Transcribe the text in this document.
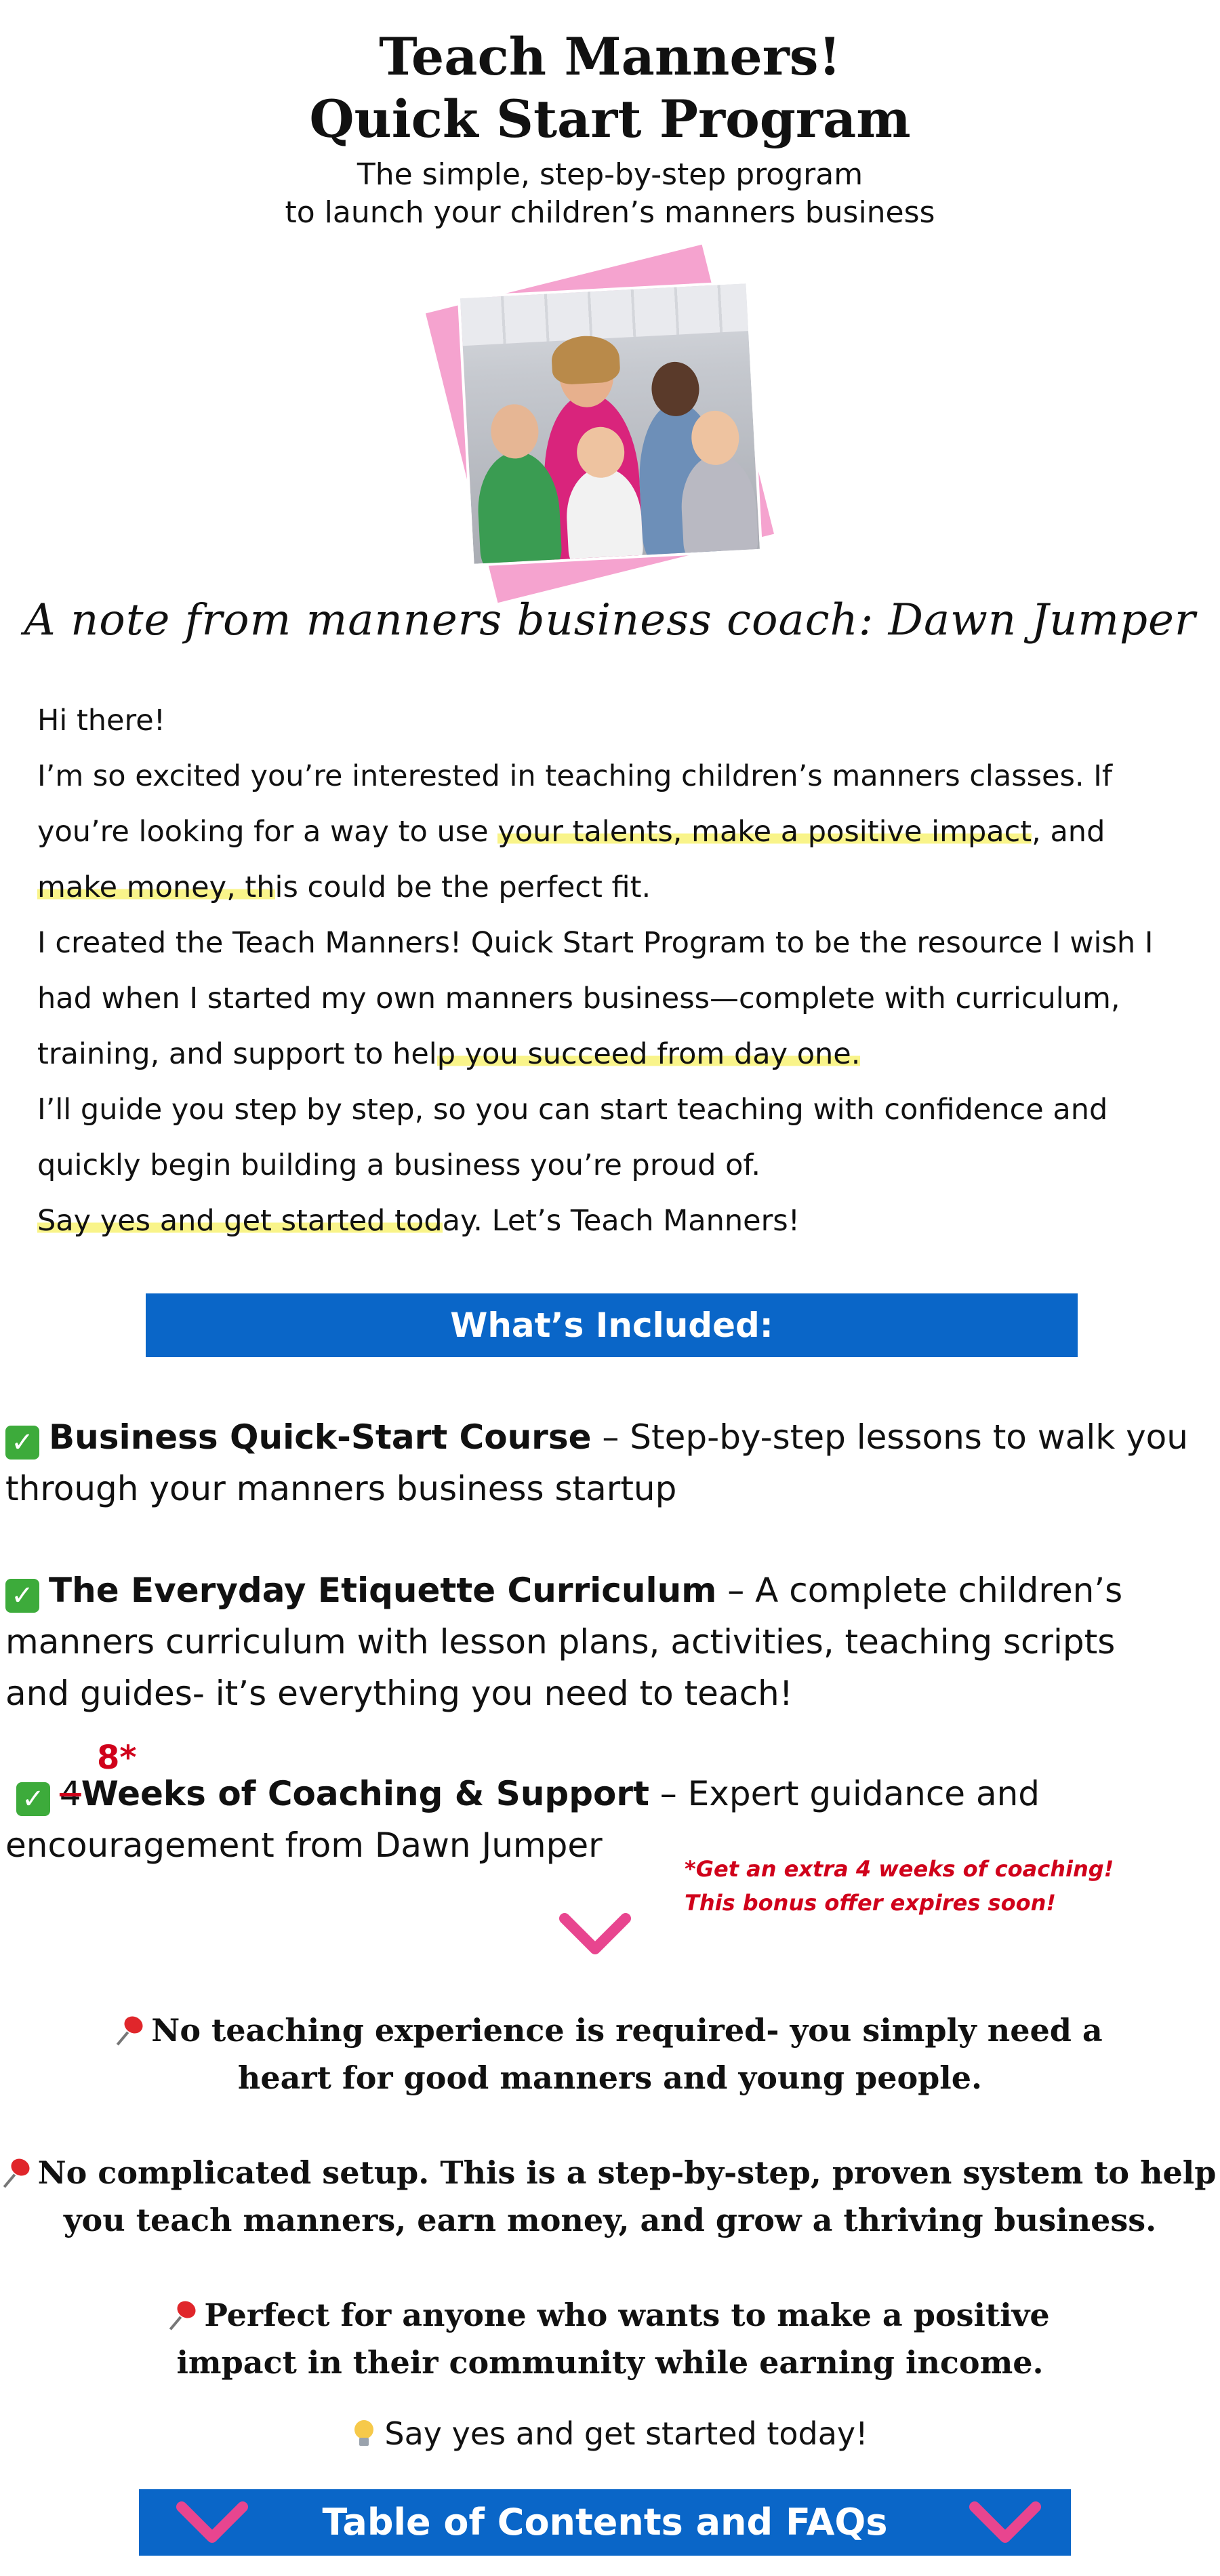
Teach Manners!
Quick Start Program
The simple, step-by-step program
to launch your children’s manners business
A note from manners business coach: Dawn Jumper

Hi there!

I’m so excited you’re interested in teaching children’s manners classes. If

you’re looking for a way to use your talents, make a positive impact, and

make money, this could be the perfect fit.

I created the Teach Manners! Quick Start Program to be the resource I wish I

had when I started my own manners business—complete with curriculum,

training, and support to help you succeed from day one.

I’ll guide you step by step, so you can start teaching with confidence and

quickly begin building a business you’re proud of.

Say yes and get started today. Let’s Teach Manners!

What’s Included:
✓ Business Quick-Start Course – Step-by-step lessons to walk you
through your manners business startup
✓ The Everyday Etiquette Curriculum – A complete children’s
manners curriculum with lesson plans, activities, teaching scripts
and guides- it’s everything you need to teach!
8*
✓ 4Weeks of Coaching & Support – Expert guidance and
encouragement from Dawn Jumper
*Get an extra 4 weeks of coaching!
This bonus offer expires soon!
No teaching experience is required- you simply need a
heart for good manners and young people.
No complicated setup. This is a step-by-step, proven system to help
you teach manners, earn money, and grow a thriving business.
Perfect for anyone who wants to make a positive
impact in their community while earning income.
Say yes and get started today!
Table of Contents and FAQs
